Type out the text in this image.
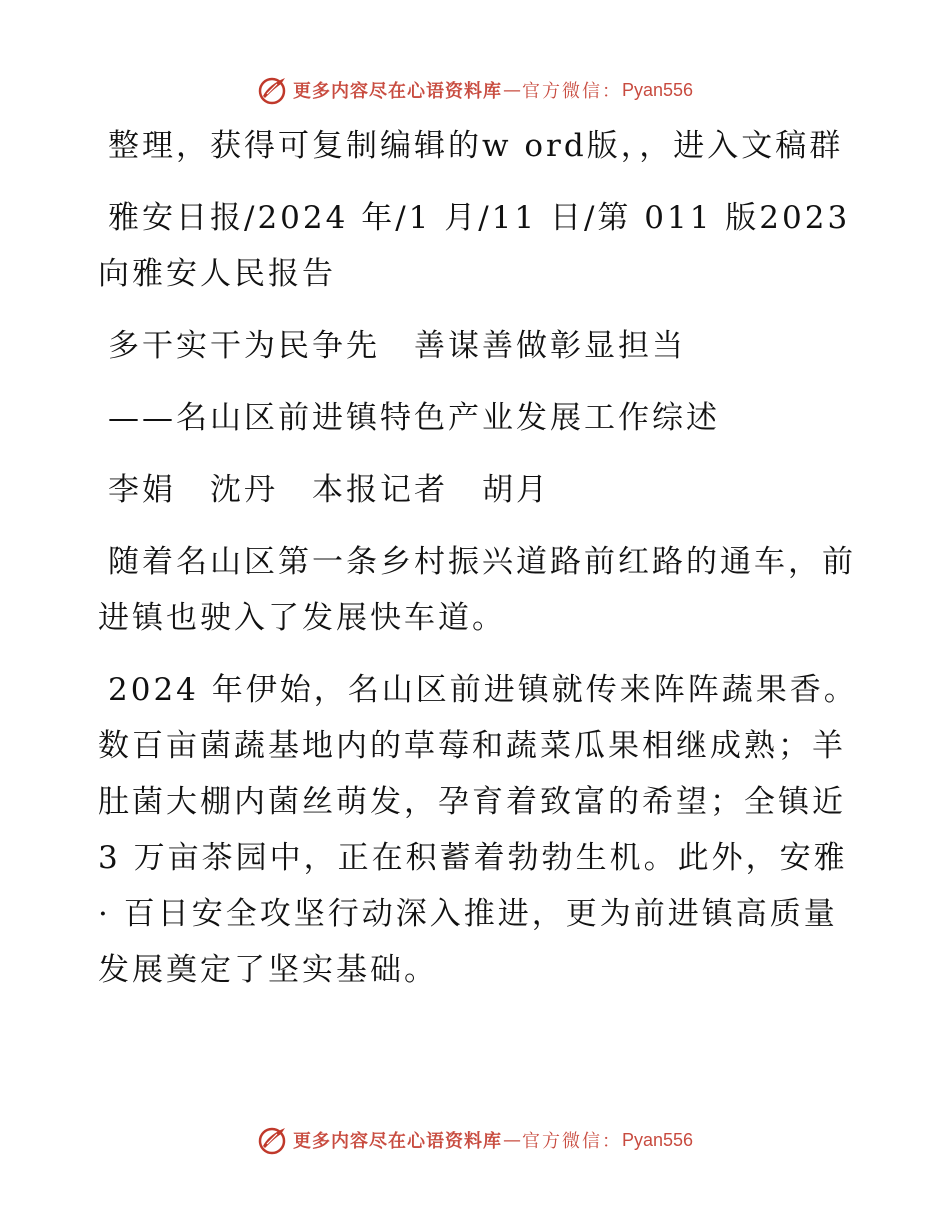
更多内容尽在心语资料库 — 官方微信： Pyan556

整理，获得可复制编辑的w ord版，，进入文稿群

雅安日报/2024 年/1 月/11 日/第 011 版2023 向雅安人民报告

多干实干为民争先　善谋善做彰显担当

——名山区前进镇特色产业发展工作综述

李娟　沈丹　本报记者　胡月

随着名山区第一条乡村振兴道路前红路的通车，前进镇也驶入了发展快车道。

2024 年伊始，名山区前进镇就传来阵阵蔬果香。数百亩菌蔬基地内的草莓和蔬菜瓜果相继成熟；羊肚菌大棚内菌丝萌发，孕育着致富的希望；全镇近3 万亩茶园中，正在积蓄着勃勃生机。此外，安雅 · 百日安全攻坚行动深入推进，更为前进镇高质量发展奠定了坚实基础。

更多内容尽在心语资料库 — 官方微信： Pyan556
